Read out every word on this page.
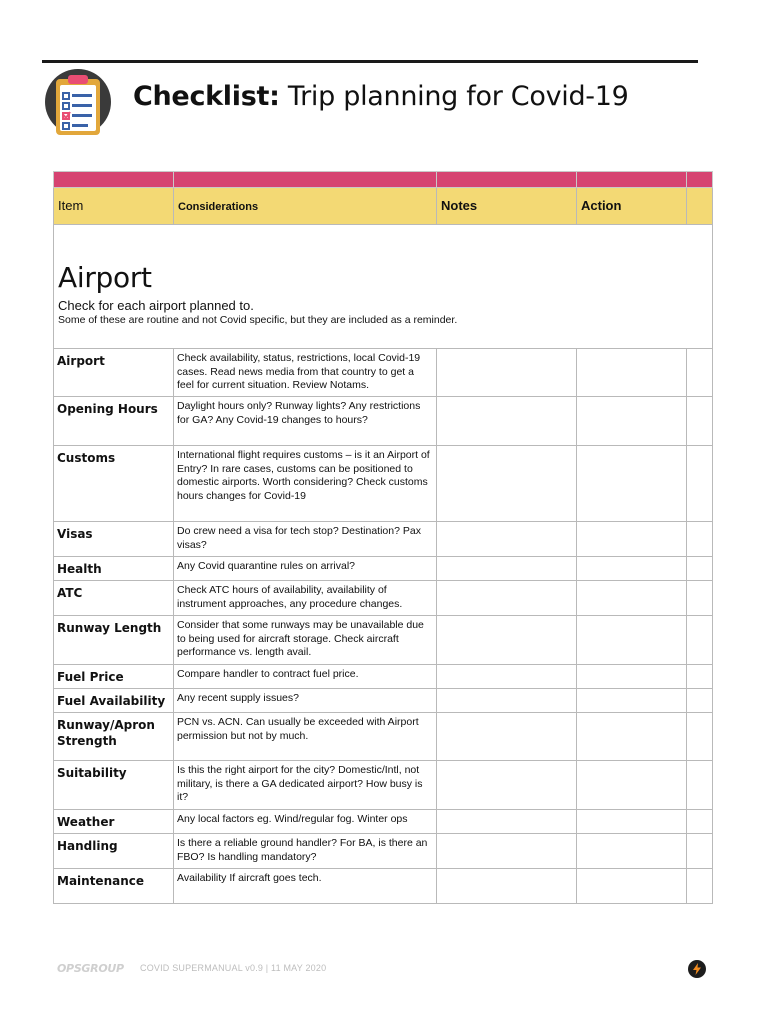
Checklist: Trip planning for Covid-19

Item	Considerations	Notes	Action	

Airport
Check for each airport planned to.
Some of these are routine and not Covid specific, but they are included as a reminder.				

Airport	Check availability, status, restrictions, local Covid-19 cases. Read news media from that country to get a feel for current situation. Review Notams.			

Opening Hours	Daylight hours only? Runway lights? Any restrictions for GA? Any Covid-19 changes to hours?			

Customs	International flight requires customs – is it an Airport of Entry? In rare cases, customs can be positioned to domestic airports. Worth considering? Check customs hours changes for Covid-19			

Visas	Do crew need a visa for tech stop? Destination? Pax visas?			

Health	Any Covid quarantine rules on arrival?			

ATC	Check ATC hours of availability, availability of instrument approaches, any procedure changes.			

Runway Length	Consider that some runways may be unavailable due to being used for aircraft storage. Check aircraft performance vs. length avail.			

Fuel Price	Compare handler to contract fuel price.			

Fuel Availability	Any recent supply issues?			

Runway/Apron Strength	PCN vs. ACN. Can usually be exceeded with Airport permission but not by much.			

Suitability	Is this the right airport for the city? Domestic/Intl, not military, is there a GA dedicated airport? How busy is it?			

Weather	Any local factors eg. Wind/regular fog. Winter ops			

Handling	Is there a reliable ground handler? For BA, is there an FBO? Is handling mandatory?			

Maintenance	Availability If aircraft goes tech.			

OPSGROUP COVID SUPERMANUAL v0.9 | 11 MAY 2020
